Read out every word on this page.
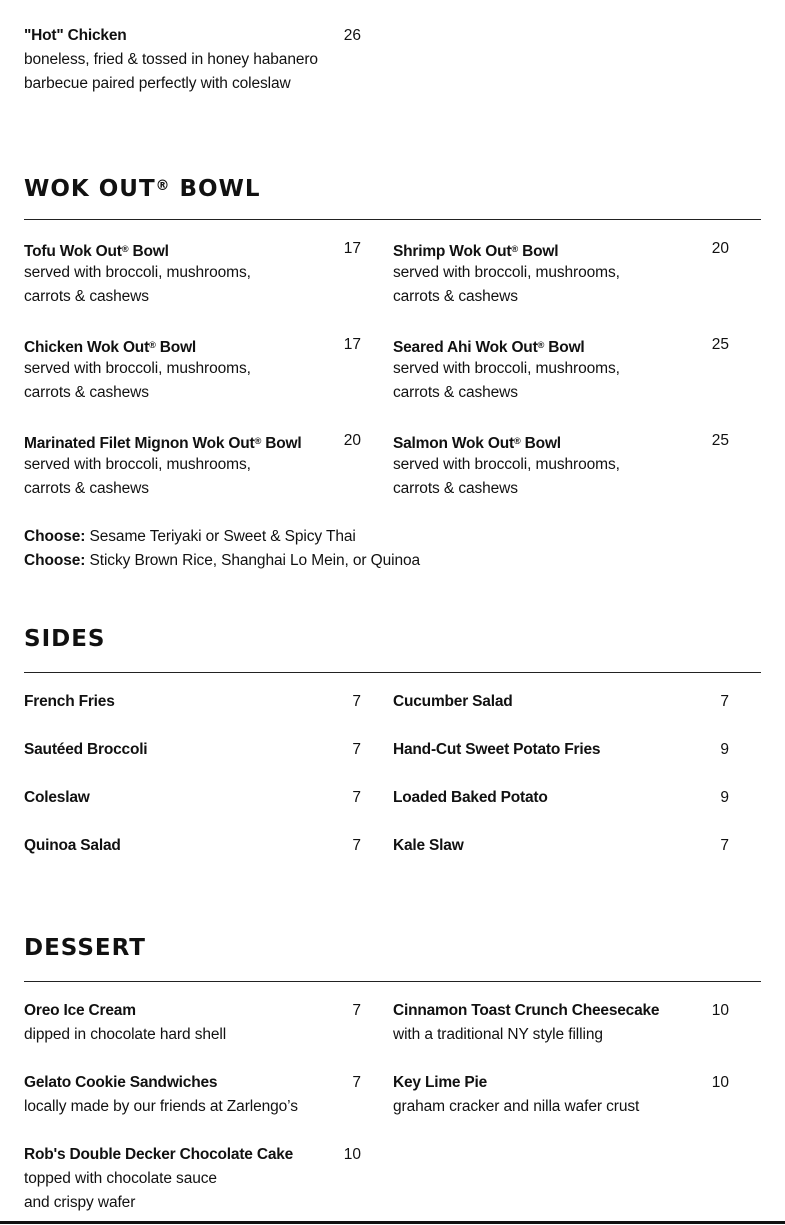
"Hot" Chicken	26
boneless, fried & tossed in honey habanero
barbecue paired perfectly with coleslaw
WOK OUT® BOWL
Tofu Wok Out® Bowl	17
served with broccoli, mushrooms,
carrots & cashews
Chicken Wok Out® Bowl	17
served with broccoli, mushrooms,
carrots & cashews
Marinated Filet Mignon Wok Out® Bowl	20
served with broccoli, mushrooms,
carrots & cashews
Shrimp Wok Out® Bowl	20
served with broccoli, mushrooms,
carrots & cashews
Seared Ahi Wok Out® Bowl	25
served with broccoli, mushrooms,
carrots & cashews
Salmon Wok Out® Bowl	25
served with broccoli, mushrooms,
carrots & cashews
Choose: Sesame Teriyaki or Sweet & Spicy Thai
Choose: Sticky Brown Rice, Shanghai Lo Mein, or Quinoa
SIDES
French Fries	7 Cucumber Salad	7
Sautéed Broccoli	7 Hand-Cut Sweet Potato Fries	9
Coleslaw	7 Loaded Baked Potato	9
Quinoa Salad	7 Kale Slaw	7
DESSERT
Oreo Ice Cream	7
dipped in chocolate hard shell
Cinnamon Toast Crunch Cheesecake	10
with a traditional NY style filling
Gelato Cookie Sandwiches	7
locally made by our friends at Zarlengo’s
Key Lime Pie	10
graham cracker and nilla wafer crust
Rob's Double Decker Chocolate Cake	10
topped with chocolate sauce
and crispy wafer
